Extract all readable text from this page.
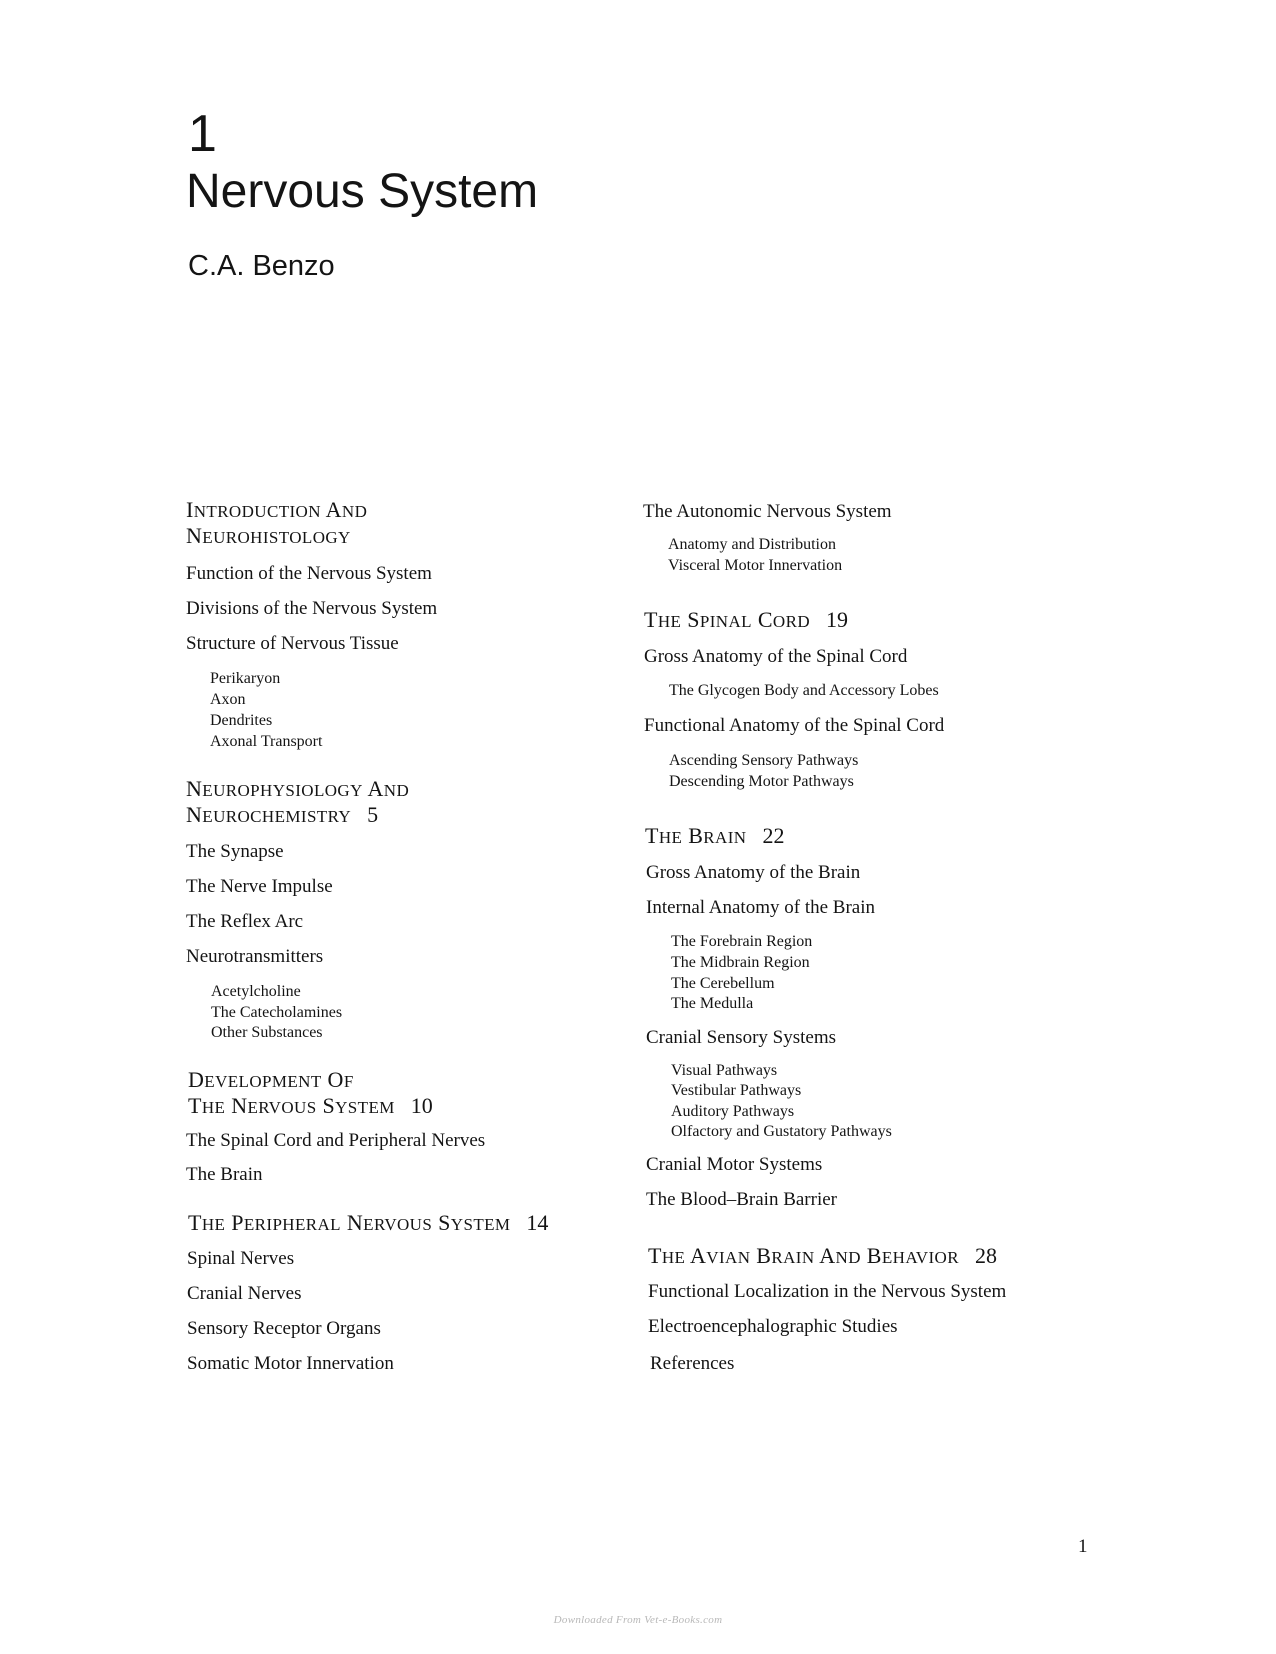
1
Nervous System
C.A. Benzo
INTRODUCTION AND
NEUROHISTOLOGY
Function of the Nervous System
Divisions of the Nervous System
Structure of Nervous Tissue
Perikaryon
Axon
Dendrites
Axonal Transport
NEUROPHYSIOLOGY AND
NEUROCHEMISTRY 5
The Synapse
The Nerve Impulse
The Reflex Arc
Neurotransmitters
Acetylcholine
The Catecholamines
Other Substances
DEVELOPMENT OF
THE NERVOUS SYSTEM 10
The Spinal Cord and Peripheral Nerves
The Brain
THE PERIPHERAL NERVOUS SYSTEM 14
Spinal Nerves
Cranial Nerves
Sensory Receptor Organs
Somatic Motor Innervation
The Autonomic Nervous System
Anatomy and Distribution
Visceral Motor Innervation
THE SPINAL CORD 19
Gross Anatomy of the Spinal Cord
The Glycogen Body and Accessory Lobes
Functional Anatomy of the Spinal Cord
Ascending Sensory Pathways
Descending Motor Pathways
THE BRAIN 22
Gross Anatomy of the Brain
Internal Anatomy of the Brain
The Forebrain Region
The Midbrain Region
The Cerebellum
The Medulla
Cranial Sensory Systems
Visual Pathways
Vestibular Pathways
Auditory Pathways
Olfactory and Gustatory Pathways
Cranial Motor Systems
The Blood–Brain Barrier
THE AVIAN BRAIN AND BEHAVIOR 28
Functional Localization in the Nervous System
Electroencephalographic Studies
References
1
Downloaded From Vet-e-Books.com
